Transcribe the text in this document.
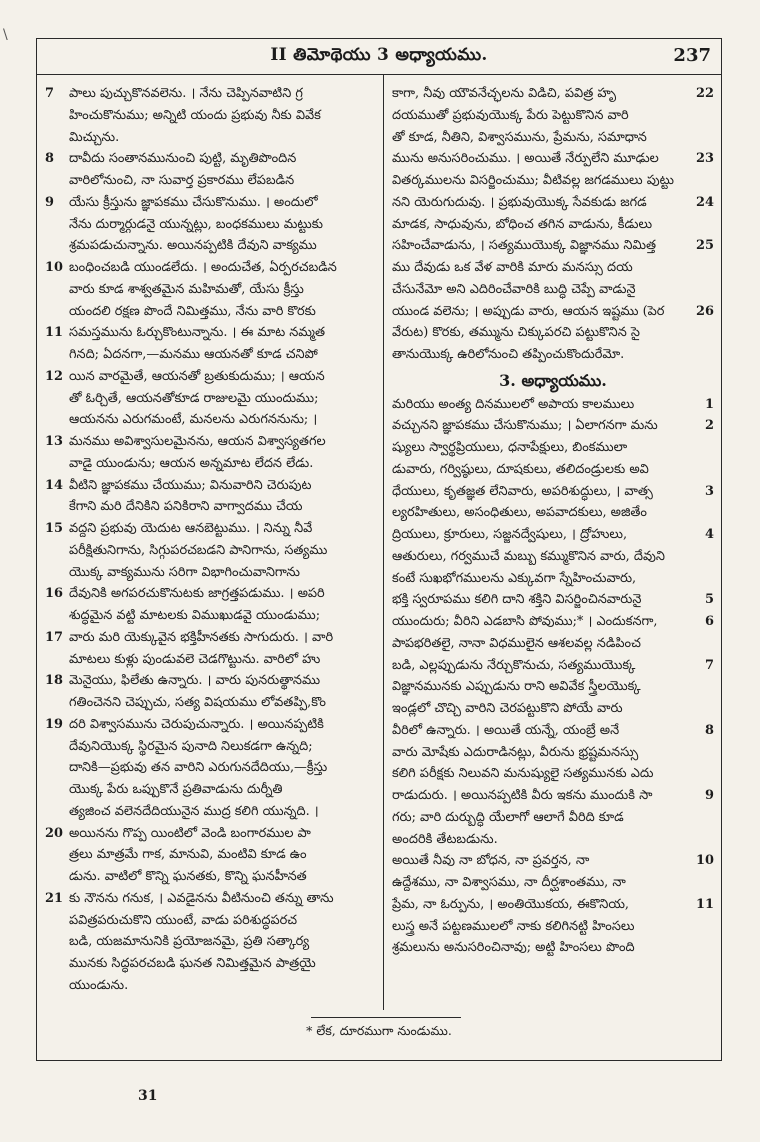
\
II తిమోథెయు 3 అధ్యాయము.	237
7	పాలు పుచ్చుకొనవలెను. । నేను చెప్పినవాటిని గ్ర
హించుకొనుము; అన్నిటి యందు ప్రభువు నీకు వివేక
మిచ్చును.
8	దావీదు సంతానమునుంచి పుట్టి, మృతిపొందిన
వారిలోనుంచి, నా సువార్త ప్రకారము లేపబడిన
9	యేసు క్రీస్తును జ్ఞాపకము చేసుకొనుము. । అందులో
నేను దుర్మార్గుడనై యున్నట్లు, బంధకములు మట్టుకు
శ్రమపడుచున్నాను. అయినప్పటికి దేవుని వాక్యము
10 బంధించబడి యుండలేదు. । అందుచేత, ఏర్పరచబడిన
వారు కూడ శాశ్వతమైన మహిమతో, యేసు క్రీస్తు
యందలి రక్షణ పొందే నిమిత్తము, నేను వారి కొరకు
11 సమస్తమును ఓర్చుకొంటున్నాను. । ఈ మాట నమ్మత
గినది; ఏదనగా,—మనము ఆయనతో కూడ చనిపో
12 యిన వారమైతే, ఆయనతో బ్రతుకుదుము; । ఆయన
తో ఓర్చితే, ఆయనతోకూడ రాజులమై యుందుము;
ఆయనను ఎరుగమంటే, మనలను ఎరుగననును; ।
13 మనము అవిశ్వాసులమైనను, ఆయన విశ్వాస్యతగల
వాడై యుండును; ఆయన అన్నమాట లేదన లేడు.
14 వీటిని జ్ఞాపకము చేయుము; వినువారిని చెరుపుట
కేగాని మరి దేనికిని పనికిరాని వాగ్వాదము చేయ
15 వద్దని ప్రభువు యెదుట ఆనబెట్టుము. । నిన్ను నీవే
పరీక్షితునిగాను, సిగ్గుపరచబడని పానిగాను, సత్యము
యొక్క వాక్యమును సరిగా విభాగించువానిగాను
16 దేవునికి అగపరచుకొనుటకు జాగ్రత్తపడుము. । అపరి
శుద్ధమైన వట్టి మాటలకు విముఖుడవై యుండుము;
17 వారు మరి యెక్కువైన భక్తిహీనతకు సాగుదురు. । వారి
మాటలు కుళ్లు పుండువలె చెడగొట్టును. వారిలో హు
18 మెనైయు, ఫిలేతు ఉన్నారు. । వారు పునరుత్థానము
గతించెనని చెప్పుచు, సత్య విషయము లోవతప్పి,కొం
19 దరి విశ్వాసమును చెరుపుచున్నారు. । అయినప్పటికి
దేవునియొక్క స్థిరమైన పునాది నిలుకడగా ఉన్నది;
దానికి—ప్రభువు తన వారిని ఎరుగునదేదియు,—క్రీస్తు
యొక్క పేరు ఒప్పుకొనే ప్రతివాడును దుర్నీతి
త్యజించ వలెనదేదియునైన ముద్ర కలిగి యున్నది. ।
20 అయినను గొప్ప యింటిలో వెండి బంగారముల పా
త్రలు మాత్రమే గాక, మానువి, మంటివి కూడ ఉం
డును. వాటిలో కొన్ని ఘనతకు, కొన్ని ఘనహీనత
21 కు నౌనను గనుక, । ఎవడైనను వీటినుంచి తన్ను తాను
పవిత్రపరుచుకొని యుంటే, వాడు పరిశుద్ధపరచ
బడి, యజమానునికి ప్రయోజనమై, ప్రతి సత్కార్య
మునకు సిద్ధపరచబడి ఘనత నిమిత్తమైన పాత్రయై
యుండును.
కాగా, నీవు యౌవనేచ్ఛలను విడిచి, పవిత్ర హృ	22
దయముతో ప్రభువుయొక్క పేరు పెట్టుకొనిన వారి
తో కూడ, నీతిని, విశ్వాసమును, ప్రేమను, సమాధాన
మును అనుసరించుము. । అయితే నేర్పులేని మూఢుల	23
వితర్కములను విసర్జించుము; వీటివల్ల జగడములు పుట్టు
నని యెరుగుదువు. । ప్రభువుయొక్క సేవకుడు జగడ	24
మాడక, సాధువును, బోధించ తగిన వాడును, కీడులు
సహించేవాడును, । సత్యముయొక్క విజ్ఞానము నిమిత్త	25
ము దేవుడు ఒక వేళ వారికి మారు మనస్సు దయ
చేసునేమో అని ఎదిరించేవారికి బుద్ధి చెప్పే వాడునై
యుండ వలెను; । అప్పుడు వారు, ఆయన ఇష్టము (పెర	26
వేరుట) కొరకు, తమ్మును చిక్కుపరచి పట్టుకొనిన సై
తానుయొక్క ఉరిలోనుంచి తప్పించుకొందురేమో.
3. అధ్యాయము.
మరియు అంత్య దినములలో అపాయ కాలములు	1
వచ్చునని జ్ఞాపకము చేసుకొనుము; । ఏలాగనగా మను	2
ష్యులు స్వార్థప్రియులు, ధనాపేక్షులు, బింకములా
డువారు, గర్విష్ఠులు, దూషకులు, తలిదండ్రులకు అవి
ధేయులు, కృతజ్ఞత లేనివారు, అపరిశుద్ధులు, । వాత్స	3
ల్యరహితులు, అసంధితులు, అపవాదకులు, అజితేం
ద్రియులు, క్రూరులు, సజ్జనద్వేషులు, । ద్రోహులు,	4
ఆతురులు, గర్వముచే మబ్బు కమ్ముకొనిన వారు, దేవుని
కంటే సుఖభోగములను ఎక్కువగా స్నేహించువారు,
భక్తి స్వరూపము కలిగి దాని శక్తిని విసర్జించినవారునై	5
యుందురు; వీరిని ఎడబాసి పోవుము;* । ఎందుకనగా,	6
పాపభరితలై, నానా విధములైన ఆశలవల్ల నడిపించ
బడి, ఎల్లప్పుడును నేర్చుకొనుచు, సత్యముయొక్క	7
విజ్ఞానమునకు ఎప్పుడును రాని అవివేక స్త్రీలయొక్క
ఇండ్లలో చొచ్చి వారిని చెరపట్టుకొని పోయే వారు
వీరిలో ఉన్నారు. । అయితే యన్నే, యంబ్రే అనే	8
వారు మోషేకు ఎదురాడినట్లు, వీరును భ్రష్టమనస్సు
కలిగి పరీక్షకు నిలువని మనుష్యులై సత్యమునకు ఎదు
రాడుదురు. । అయినప్పటికి వీరు ఇకను ముందుకి సా	9
గరు; వారి దుర్బుద్ధి యేలాగో ఆలాగే వీరిది కూడ
అందరికి తేటబడును.
అయితే నీవు నా బోధన, నా ప్రవర్తన, నా	10
ఉద్దేశము, నా విశ్వాసము, నా దీర్ఘశాంతము, నా
ప్రేమ, నా ఓర్పును, । అంతియొకయ, ఈకొనియ,	11
లుస్త్ర అనే పట్టణములలో నాకు కలిగినట్టి హింసలు
శ్రమలును అనుసరించినావు; అట్టి హింసలు పొంది
* లేక, దూరముగా నుండుము.
31
